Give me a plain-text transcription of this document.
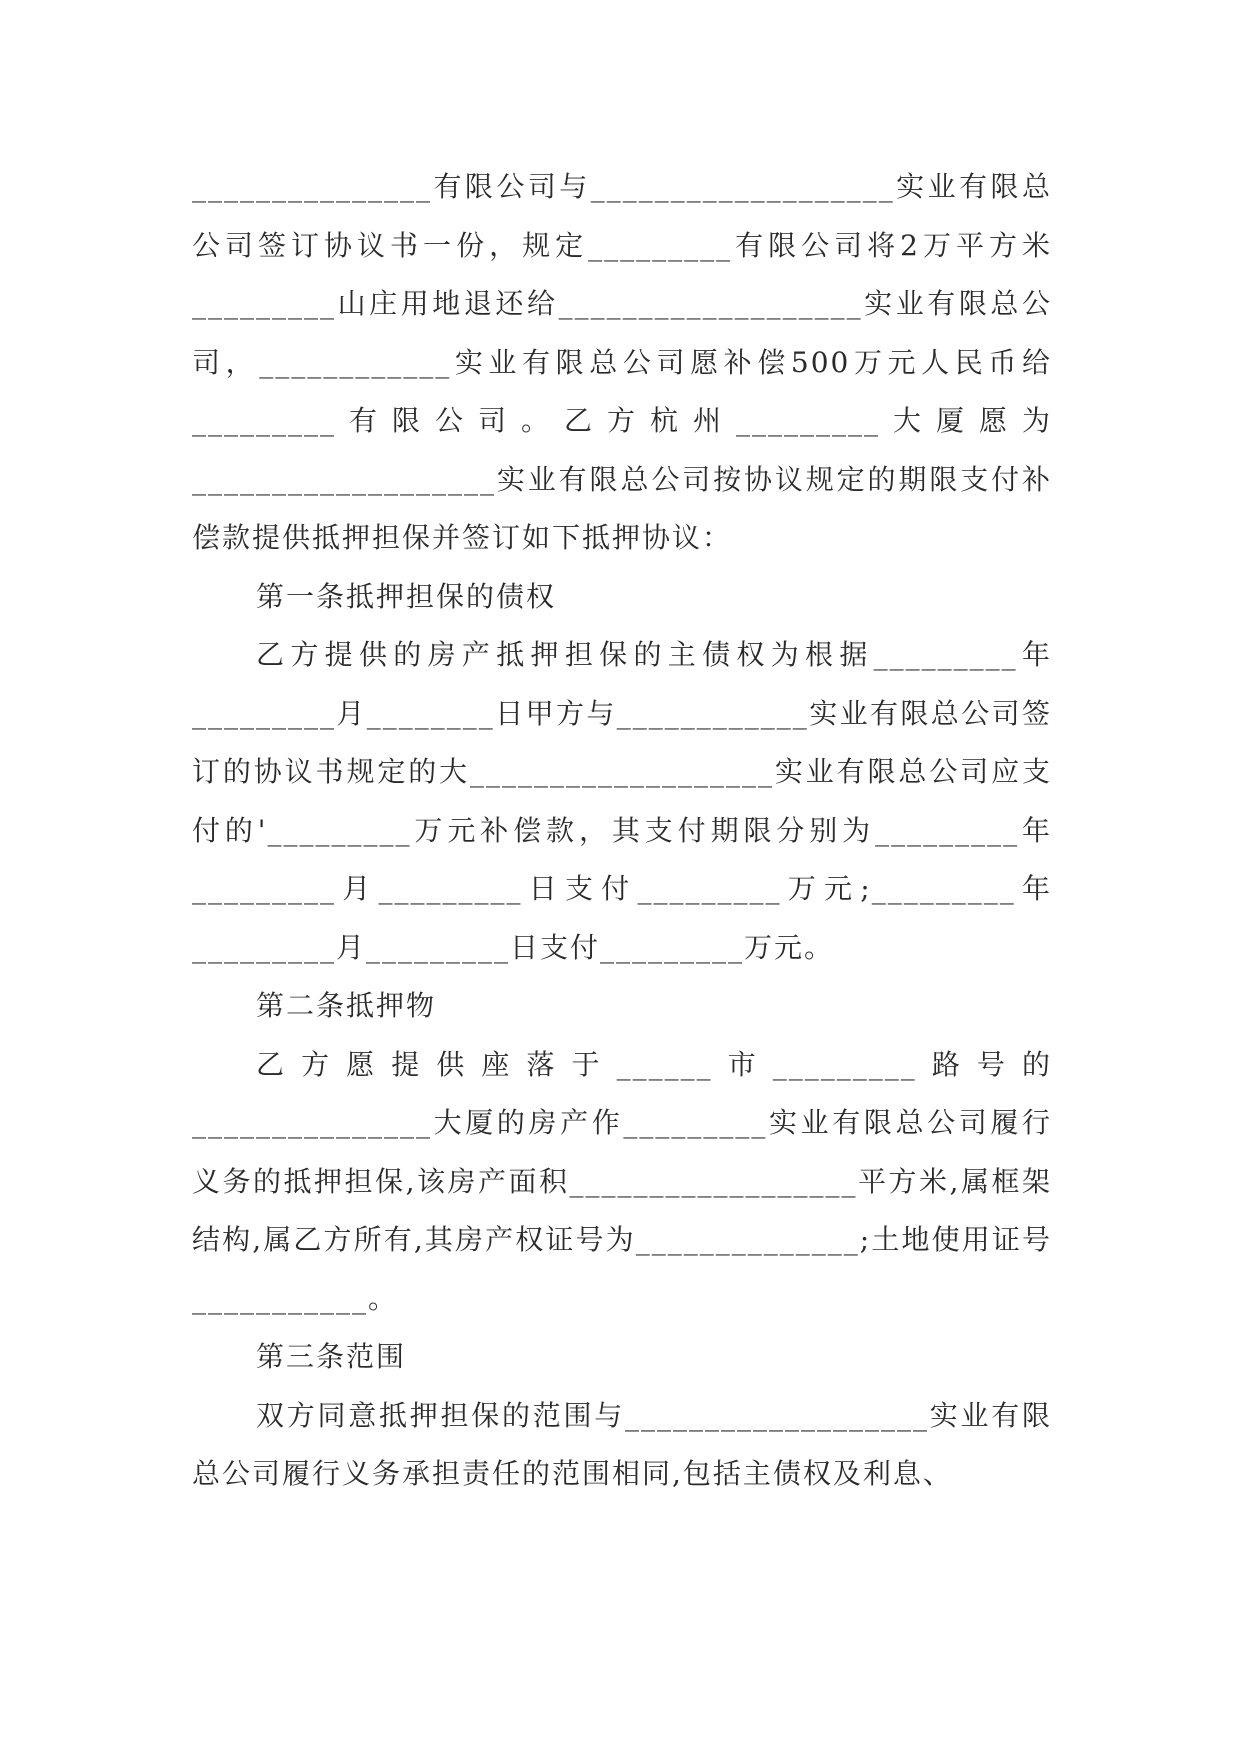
_______________有限公司与___________________实业有限总公司签订协议书一份，规定_________有限公司将2万平方米_________山庄用地退还给___________________实业有限总公司，____________实业有限总公司愿补偿500万元人民币给_________有限公司。乙方杭州_________大厦愿为___________________实业有限总公司按协议规定的期限支付补偿款提供抵押担保并签订如下抵押协议：

第一条抵押担保的债权

乙方提供的房产抵押担保的主债权为根据_________年_________月________日甲方与____________实业有限总公司签订的协议书规定的大___________________实业有限总公司应支付的'_________万元补偿款，其支付期限分别为_________年_________月_________日支付_________万元;_________年_________月_________日支付_________万元。

第二条抵押物

乙方愿提供座落于______市_________路号的_______________大厦的房产作_________实业有限总公司履行义务的抵押担保,该房产面积__________________平方米,属框架结构,属乙方所有,其房产权证号为______________;土地使用证号___________。

第三条范围

双方同意抵押担保的范围与___________________实业有限总公司履行义务承担责任的范围相同,包括主债权及利息、
